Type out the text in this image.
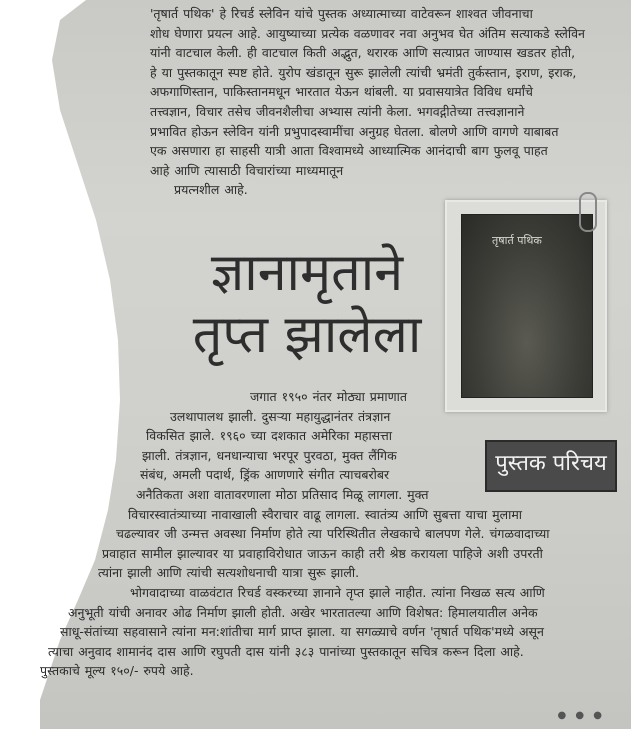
'तृषार्त पथिक' हे रिचर्ड स्लेविन यांचे पुस्तक अध्यात्माच्या वाटेवरून शाश्वत जीवनाचा
शोध घेणारा प्रयत्न आहे. आयुष्याच्या प्रत्येक वळणावर नवा अनुभव घेत अंतिम सत्याकडे स्लेविन
यांनी वाटचाल केली. ही वाटचाल किती अद्भुत, थरारक आणि सत्याप्रत जाण्यास खडतर होती,
हे या पुस्तकातून स्पष्ट होते. युरोप खंडातून सुरू झालेली त्यांची भ्रमंती तुर्कस्तान, इराण, इराक,
अफगाणिस्तान, पाकिस्तानमधून भारतात येऊन थांबली. या प्रवासयात्रेत विविध धर्मांचे
तत्त्वज्ञान, विचार तसेच जीवनशैलीचा अभ्यास त्यांनी केला. भगवद्गीतेच्या तत्त्वज्ञानाने
प्रभावित होऊन स्लेविन यांनी प्रभुपादस्वामींचा अनुग्रह घेतला. बोलणे आणि वागणे याबाबत
एक असणारा हा साहसी यात्री आता विश्वामध्ये आध्यात्मिक आनंदाची बाग फुलवू पाहत
आहे आणि त्यासाठी विचारांच्या माध्यमातून
प्रयत्नशील आहे.
ज्ञानामृताने
तृप्त झालेला
तृषार्त पथिक
पुस्तक परिचय
जगात १९५० नंतर मोठ्या प्रमाणात
उलथापालथ झाली. दुसऱ्या महायुद्धानंतर तंत्रज्ञान
विकसित झाले. १९६० च्या दशकात अमेरिका महासत्ता
झाली. तंत्रज्ञान, धनधान्याचा भरपूर पुरवठा, मुक्त लैंगिक
संबंध, अमली पदार्थ, ड्रिंक आणणारे संगीत त्याचबरोबर
अनैतिकता अशा वातावरणाला मोठा प्रतिसाद मिळू लागला. मुक्त
विचारस्वातंत्र्याच्या नावाखाली स्वैराचार वाढू लागला. स्वातंत्र्य आणि सुबत्ता याचा मुलामा
चढल्यावर जी उन्मत्त अवस्था निर्माण होते त्या परिस्थितीत लेखकाचे बालपण गेले. चंगळवादाच्या
प्रवाहात सामील झाल्यावर या प्रवाहाविरोधात जाऊन काही तरी श्रेष्ठ करायला पाहिजे अशी उपरती
त्यांना झाली आणि त्यांची सत्यशोधनाची यात्रा सुरू झाली.
भोगवादाच्या वाळवंटात रिचर्ड वस्करच्या ज्ञानाने तृप्त झाले नाहीत. त्यांना निखळ सत्य आणि
अनुभूती यांची अनावर ओढ निर्माण झाली होती. अखेर भारतातल्या आणि विशेषत: हिमालयातील अनेक
साधू-संतांच्या सहवासाने त्यांना मन:शांतीचा मार्ग प्राप्त झाला. या सगळ्याचे वर्णन 'तृषार्त पथिक'मध्ये असून
त्याचा अनुवाद शामानंद दास आणि रघुपती दास यांनी ३८३ पानांच्या पुस्तकातून सचित्र करून दिला आहे.
पुस्तकाचे मूल्य १५०/- रुपये आहे.
● ● ●
